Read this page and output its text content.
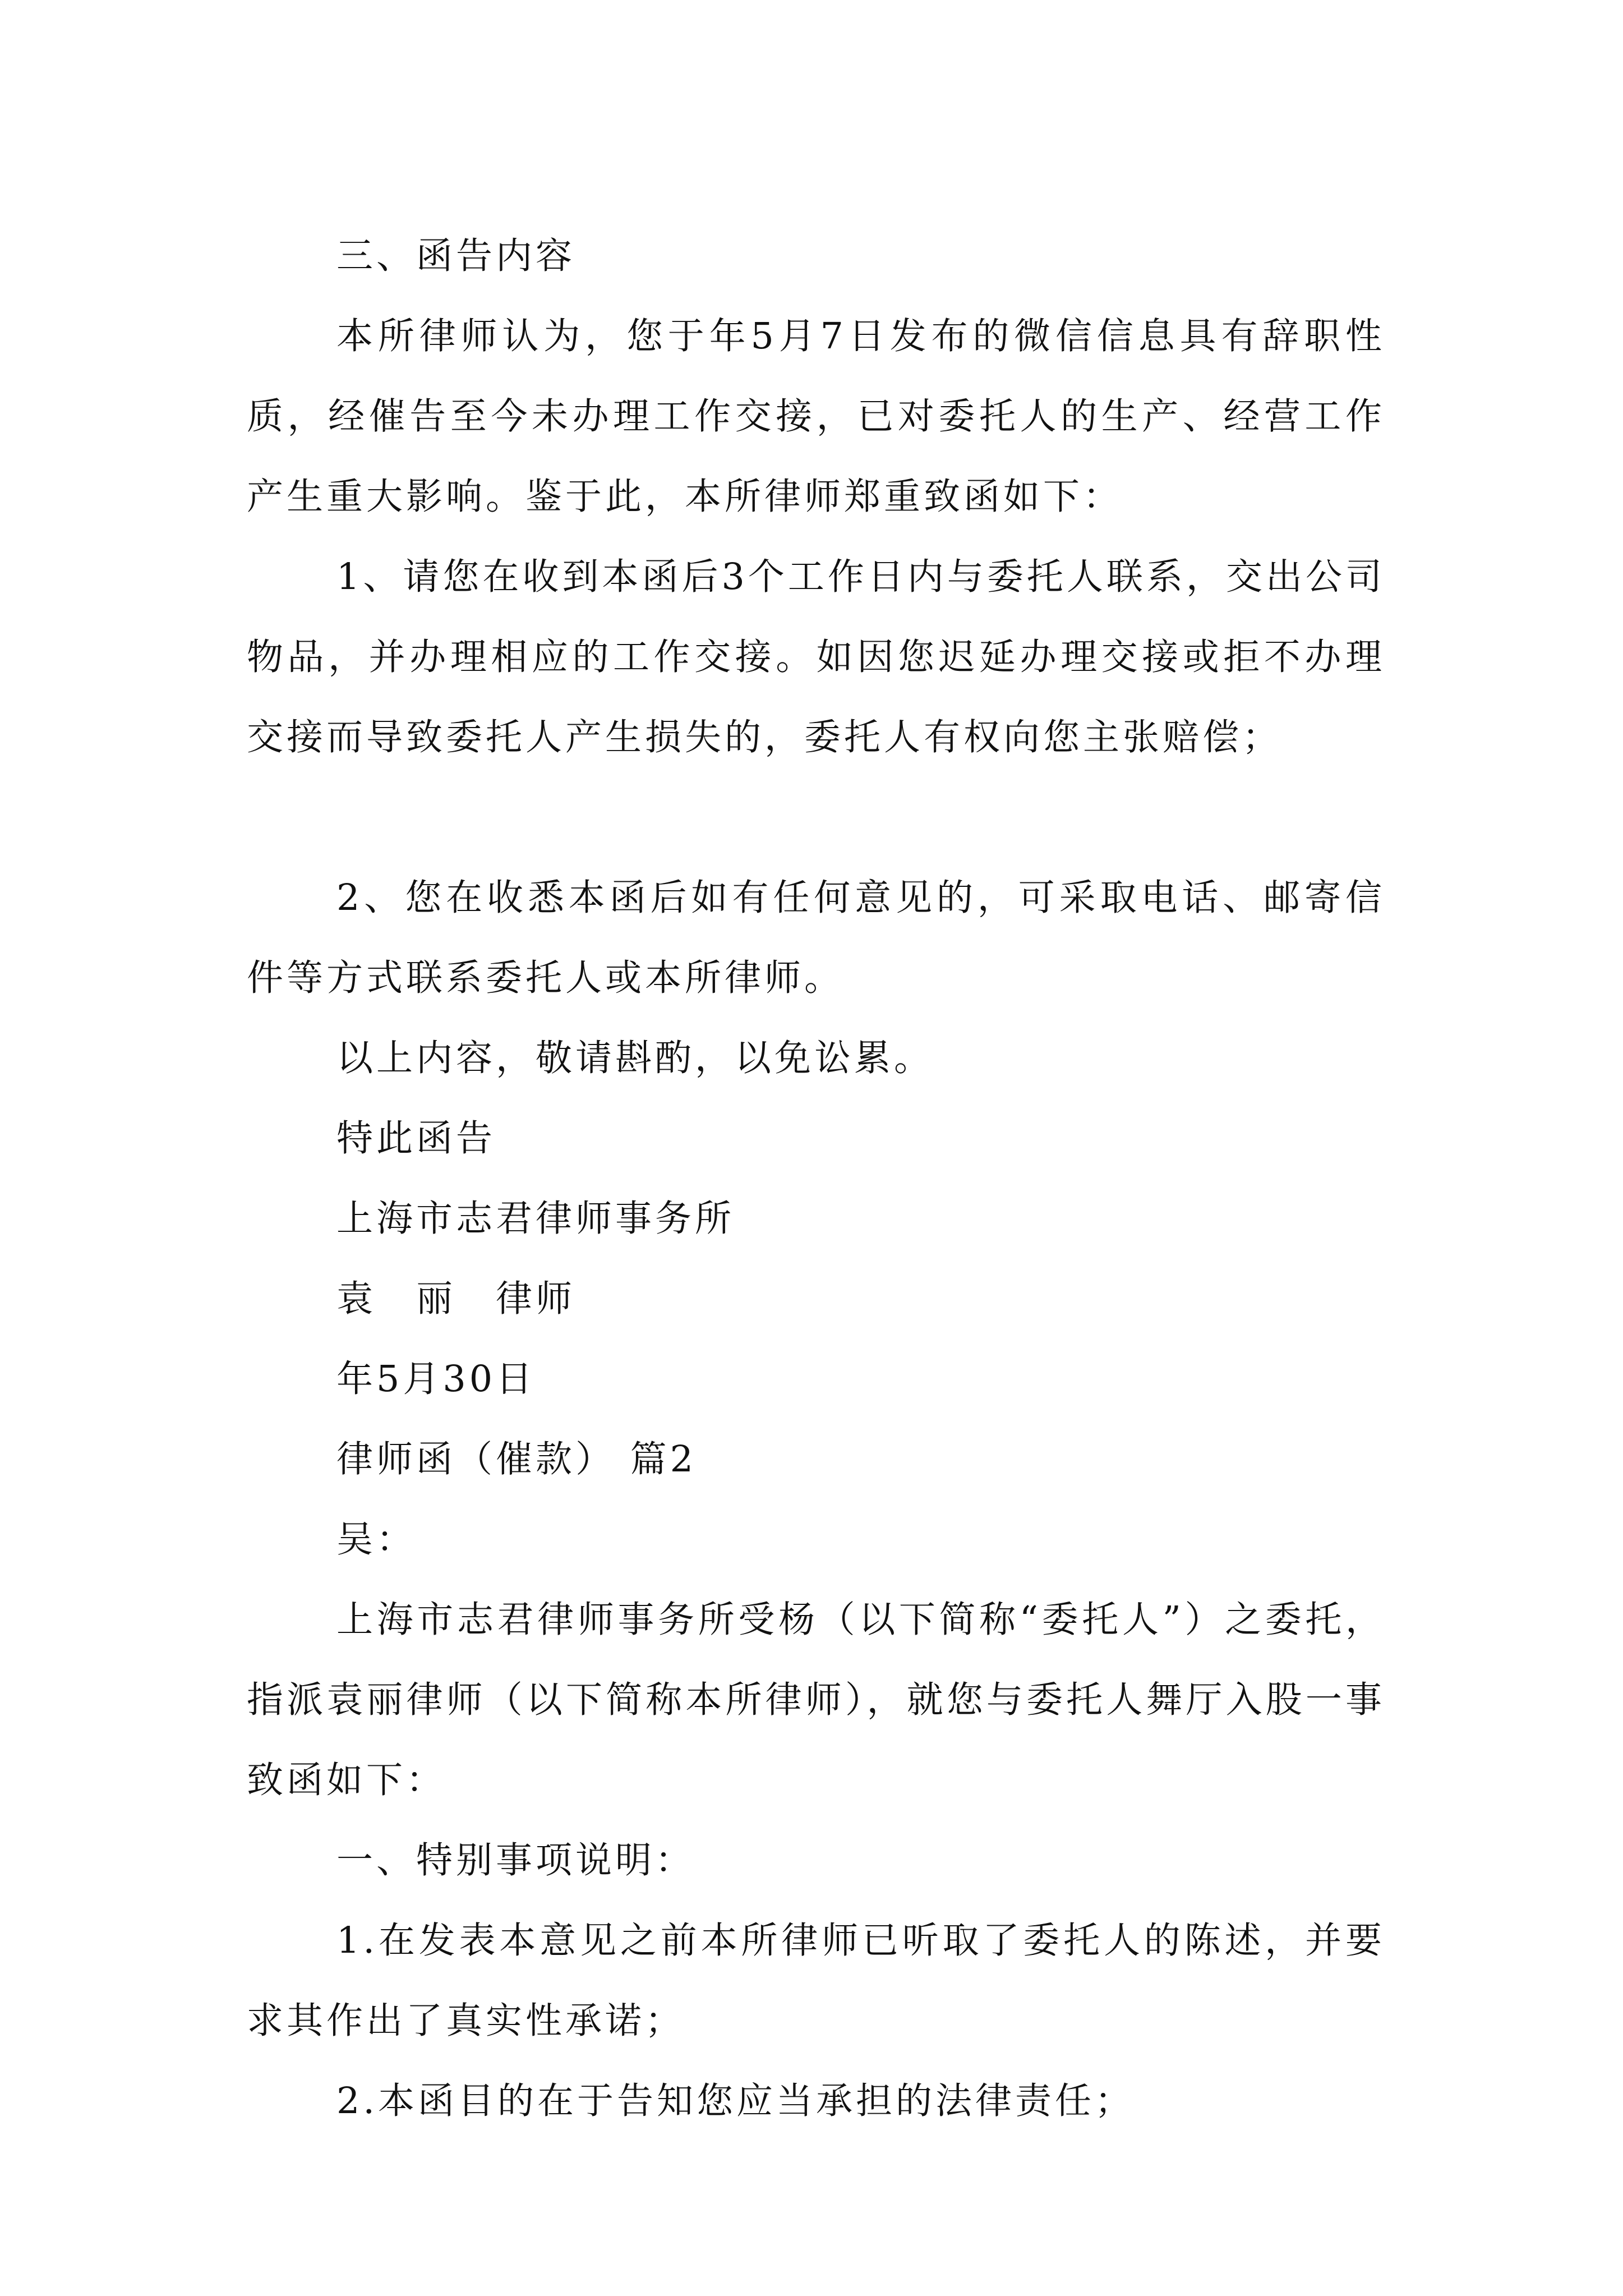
三、函告内容

本所律师认为，您于年5月7日发布的微信信息具有辞职性质，经催告至今未办理工作交接，已对委托人的生产、经营工作产生重大影响。鉴于此，本所律师郑重致函如下：

1、请您在收到本函后3个工作日内与委托人联系，交出公司物品，并办理相应的工作交接。如因您迟延办理交接或拒不办理交接而导致委托人产生损失的，委托人有权向您主张赔偿；

2、您在收悉本函后如有任何意见的，可采取电话、邮寄信件等方式联系委托人或本所律师。

以上内容，敬请斟酌，以免讼累。

特此函告

上海市志君律师事务所

袁　丽　律师

年5月30日

律师函（催款） 篇2

吴：

上海市志君律师事务所受杨（以下简称“委托人”）之委托，指派袁丽律师（以下简称本所律师），就您与委托人舞厅入股一事致函如下：

一、特别事项说明：

1.在发表本意见之前本所律师已听取了委托人的陈述，并要求其作出了真实性承诺；

2.本函目的在于告知您应当承担的法律责任；
